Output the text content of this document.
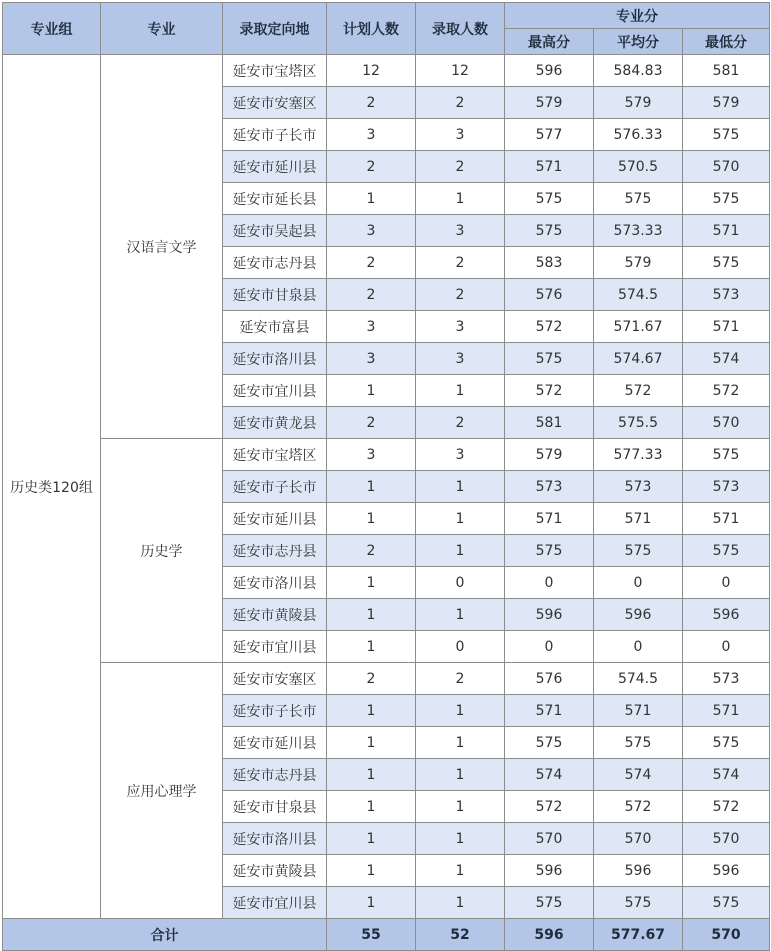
专业组	专业	录取定向地	计划人数	录取人数	专业分		
					最高分	平均分	最低分
历史类120组	汉语言文学	延安市宝塔区	12	12	596	584.83	581
		延安市安塞区	2	2	579	579	579
		延安市子长市	3	3	577	576.33	575
		延安市延川县	2	2	571	570.5	570
		延安市延长县	1	1	575	575	575
		延安市吴起县	3	3	575	573.33	571
		延安市志丹县	2	2	583	579	575
		延安市甘泉县	2	2	576	574.5	573
		延安市富县	3	3	572	571.67	571
		延安市洛川县	3	3	575	574.67	574
		延安市宜川县	1	1	572	572	572
		延安市黄龙县	2	2	581	575.5	570
	历史学	延安市宝塔区	3	3	579	577.33	575
		延安市子长市	1	1	573	573	573
		延安市延川县	1	1	571	571	571
		延安市志丹县	2	1	575	575	575
		延安市洛川县	1	0	0	0	0
		延安市黄陵县	1	1	596	596	596
		延安市宜川县	1	0	0	0	0
	应用心理学	延安市安塞区	2	2	576	574.5	573
		延安市子长市	1	1	571	571	571
		延安市延川县	1	1	575	575	575
		延安市志丹县	1	1	574	574	574
		延安市甘泉县	1	1	572	572	572
		延安市洛川县	1	1	570	570	570
		延安市黄陵县	1	1	596	596	596
		延安市宜川县	1	1	575	575	575
合计			55	52	596	577.67	570
